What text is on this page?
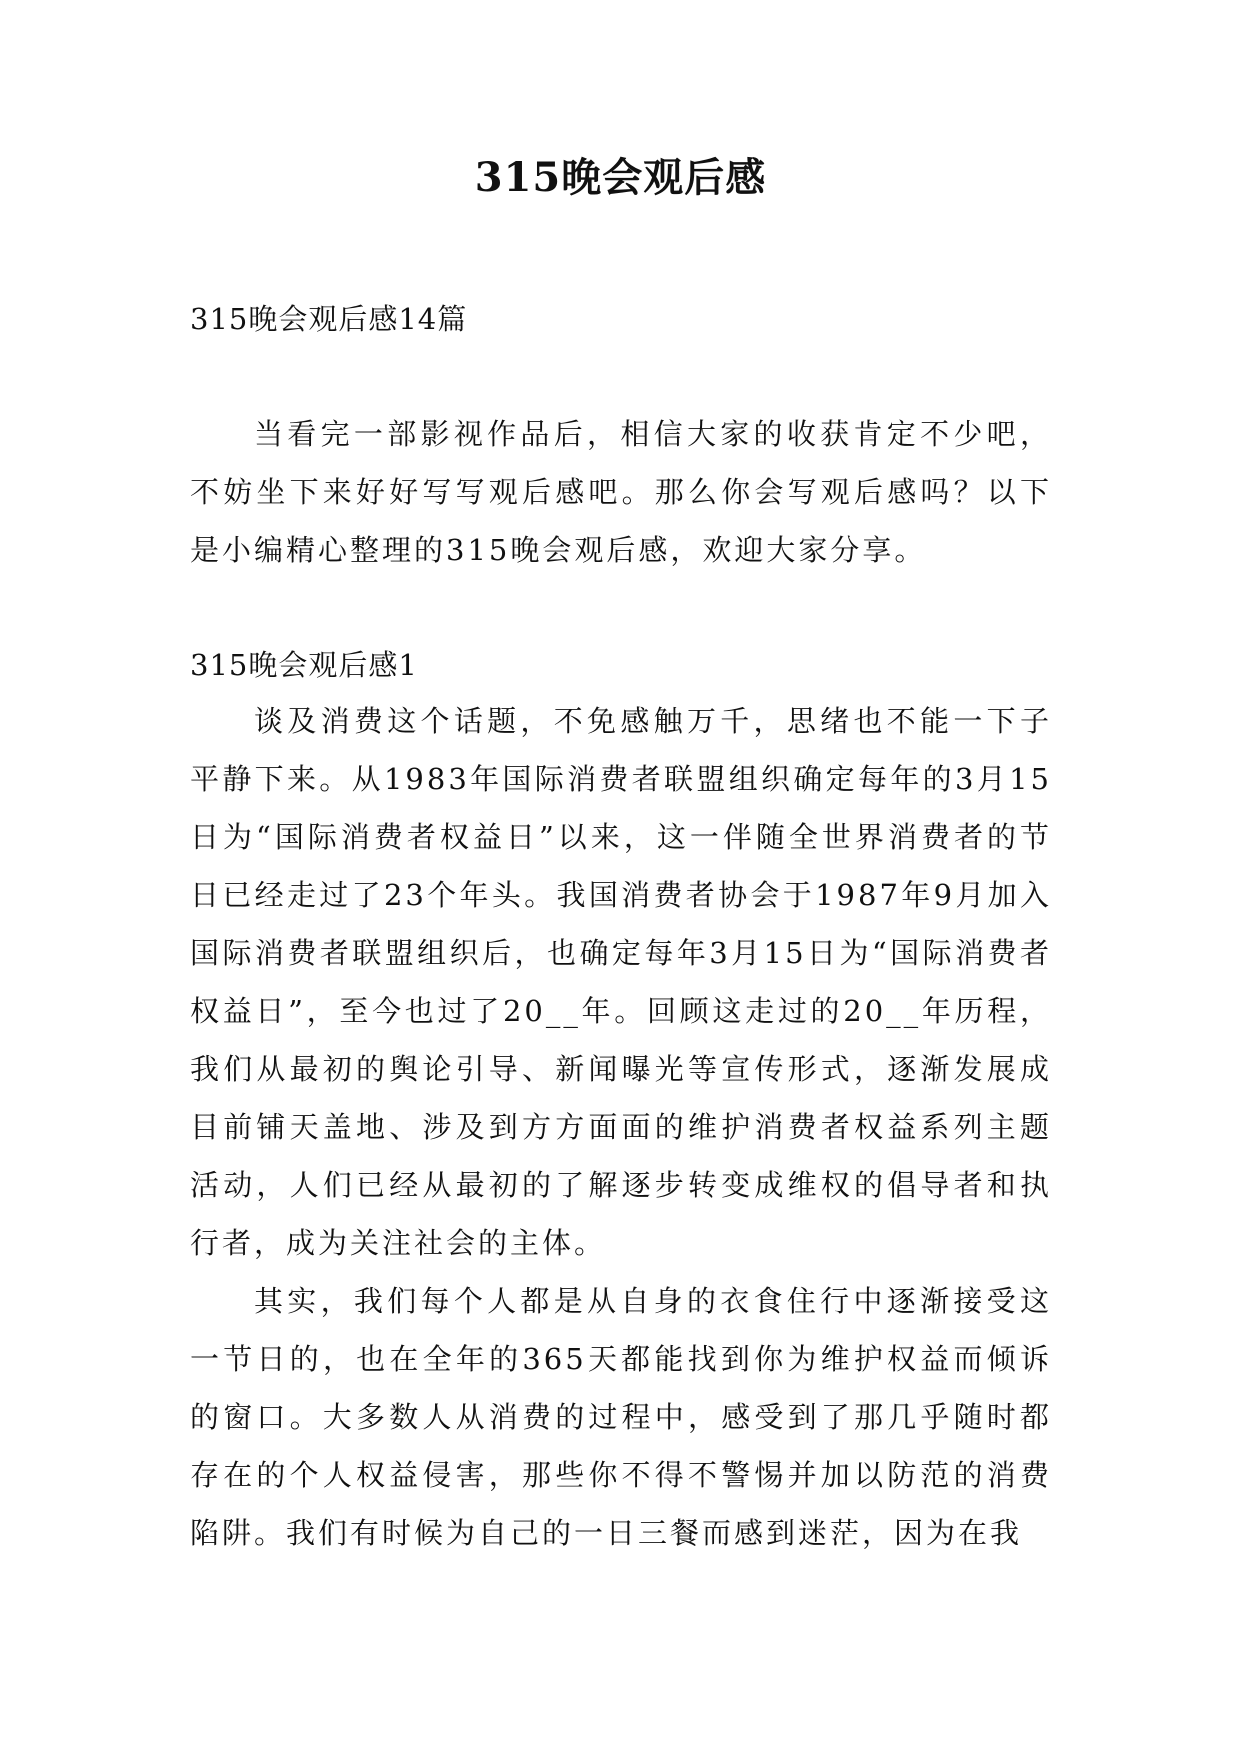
315晚会观后感
315晚会观后感14篇

当看完一部影视作品后，相信大家的收获肯定不少吧，不妨坐下来好好写写观后感吧。那么你会写观后感吗？以下是小编精心整理的315晚会观后感，欢迎大家分享。

315晚会观后感1

谈及消费这个话题，不免感触万千，思绪也不能一下子平静下来。从1983年国际消费者联盟组织确定每年的3月15日为“国际消费者权益日”以来，这一伴随全世界消费者的节日已经走过了23个年头。我国消费者协会于1987年9月加入国际消费者联盟组织后，也确定每年3月15日为“国际消费者权益日”，至今也过了20__年。回顾这走过的20__年历程，我们从最初的舆论引导、新闻曝光等宣传形式，逐渐发展成目前铺天盖地、涉及到方方面面的维护消费者权益系列主题活动，人们已经从最初的了解逐步转变成维权的倡导者和执行者，成为关注社会的主体。

其实，我们每个人都是从自身的衣食住行中逐渐接受这一节日的，也在全年的365天都能找到你为维护权益而倾诉的窗口。大多数人从消费的过程中，感受到了那几乎随时都存在的个人权益侵害，那些你不得不警惕并加以防范的消费陷阱。我们有时候为自己的一日三餐而感到迷茫，因为在我
